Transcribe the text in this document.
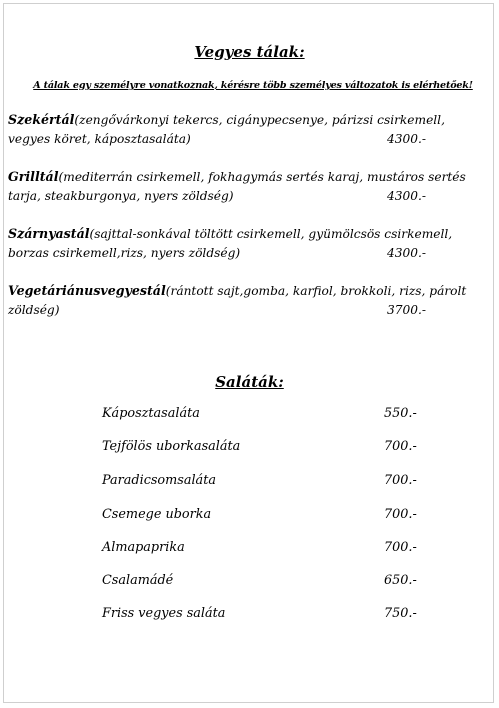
Vegyes tálak:
A tálak egy személyre vonatkoznak, kérésre több személyes változatok is elérhetőek!
Szekértál(zengővárkonyi tekercs, cigánypecsenye, párizsi csirkemell, vegyes köret, káposztasaláta)	4300.-
Grilltál(mediterrán csirkemell, fokhagymás sertés karaj, mustáros sertés tarja, steakburgonya, nyers zöldség)	4300.-
Szárnyastál(sajttal-sonkával töltött csirkemell, gyümölcsös csirkemell, borzas csirkemell,rizs, nyers zöldség)	4300.-
Vegetáriánusvegyestál(rántott sajt,gomba, karfiol, brokkoli, rizs, párolt zöldség)	3700.-
Saláták:
Káposztasaláta	550.-
Tejfölös uborkasaláta	700.-
Paradicsomsaláta	700.-
Csemege uborka	700.-
Almapaprika	700.-
Csalamádé	650.-
Friss vegyes saláta	750.-
